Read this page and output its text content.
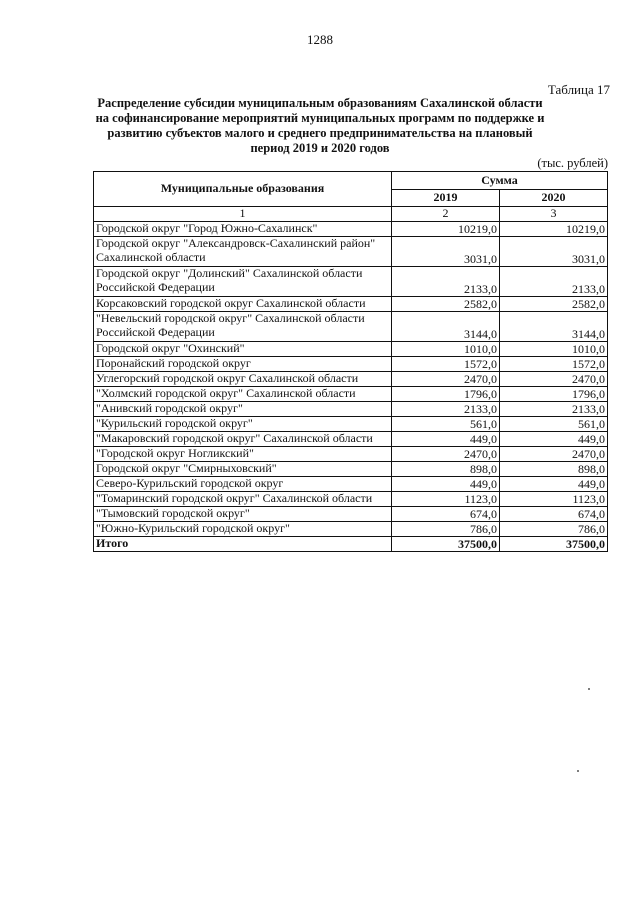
1288
Таблица 17
Распределение субсидии муниципальным образованиям Сахалинской области на софинансирование мероприятий муниципальных программ по поддержке и развитию субъектов малого и среднего предпринимательства на плановый период 2019 и 2020 годов
(тыс. рублей)
Муниципальные образования	Сумма	
	2019	2020
1	2	3
Городской округ "Город Южно-Сахалинск"	10219,0	10219,0
Городской округ "Александровск-Сахалинский район" Сахалинской области	3031,0	3031,0
Городской округ "Долинский" Сахалинской области Российской Федерации	2133,0	2133,0
Корсаковский городской округ Сахалинской области	2582,0	2582,0
"Невельский городской округ" Сахалинской области Российской Федерации	3144,0	3144,0
Городской округ "Охинский"	1010,0	1010,0
Поронайский городской округ	1572,0	1572,0
Углегорский городской округ Сахалинской области	2470,0	2470,0
"Холмский городской округ" Сахалинской области	1796,0	1796,0
"Анивский городской округ"	2133,0	2133,0
"Курильский городской округ"	561,0	561,0
"Макаровский городской округ" Сахалинской области	449,0	449,0
"Городской округ Ногликский"	2470,0	2470,0
Городской округ "Смирныховский"	898,0	898,0
Северо-Курильский городской округ	449,0	449,0
"Томаринский городской округ" Сахалинской области	1123,0	1123,0
"Тымовский городской округ"	674,0	674,0
"Южно-Курильский городской округ"	786,0	786,0
Итого	37500,0	37500,0
